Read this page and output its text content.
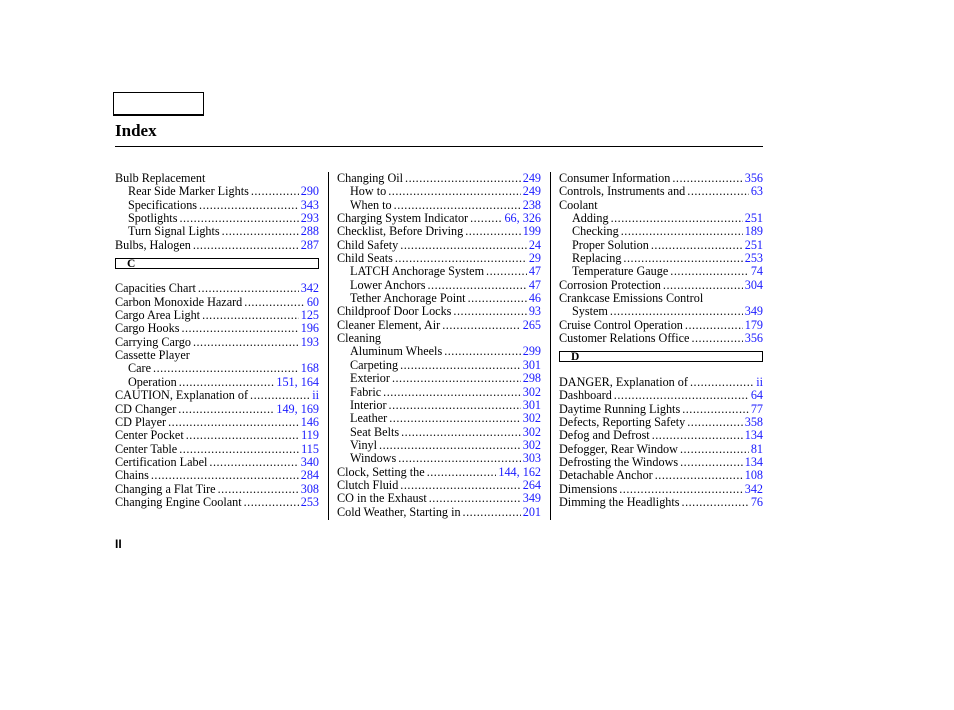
Index
Bulb Replacement
Rear Side Marker Lights .....	290
Specifications .....	343
Spotlights .....	293
Turn Signal Lights .....	288
Bulbs, Halogen .....	287
C
Capacities Chart .....	342
Carbon Monoxide Hazard .....	60
Cargo Area Light .....	125
Cargo Hooks .....	196
Carrying Cargo .....	193
Cassette Player
Care .....	168
Operation .....	151, 164
CAUTION, Explanation of .....	ii
CD Changer .....	149, 169
CD Player .....	146
Center Pocket .....	119
Center Table .....	115
Certification Label .....	340
Chains .....	284
Changing a Flat Tire .....	308
Changing Engine Coolant .....	253
Changing Oil .....	249
How to .....	249
When to .....	238
Charging System Indicator .....	66, 326
Checklist, Before Driving .....	199
Child Safety .....	24
Child Seats .....	29
LATCH Anchorage System .....	47
Lower Anchors .....	47
Tether Anchorage Point .....	46
Childproof Door Locks .....	93
Cleaner Element, Air .....	265
Cleaning
Aluminum Wheels .....	299
Carpeting .....	301
Exterior .....	298
Fabric .....	302
Interior .....	301
Leather .....	302
Seat Belts .....	302
Vinyl .....	302
Windows .....	303
Clock, Setting the .....	144, 162
Clutch Fluid .....	264
CO in the Exhaust .....	349
Cold Weather, Starting in .....	201
Consumer Information .....	356
Controls, Instruments and .....	63
Coolant
Adding .....	251
Checking .....	189
Proper Solution .....	251
Replacing .....	253
Temperature Gauge .....	74
Corrosion Protection .....	304
Crankcase Emissions Control
System .....	349
Cruise Control Operation .....	179
Customer Relations Office .....	356
D
DANGER, Explanation of .....	ii
Dashboard .....	64
Daytime Running Lights .....	77
Defects, Reporting Safety .....	358
Defog and Defrost .....	134
Defogger, Rear Window .....	81
Defrosting the Windows .....	134
Detachable Anchor .....	108
Dimensions .....	342
Dimming the Headlights .....	76
II
